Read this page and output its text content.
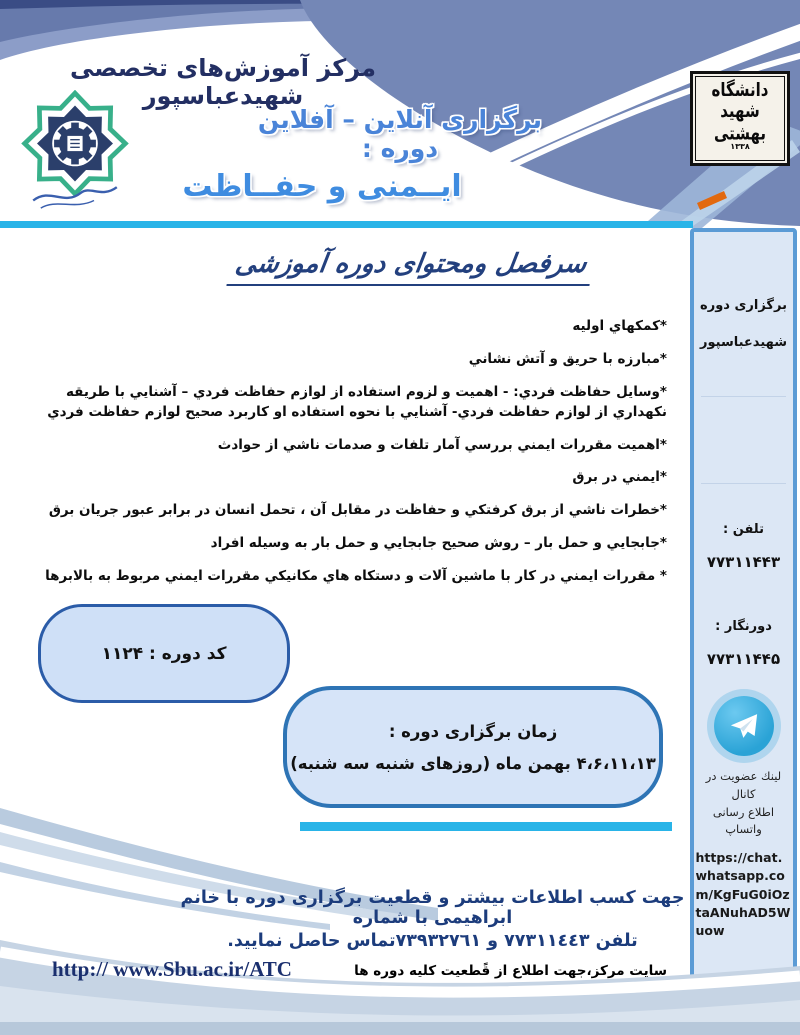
مرکز آموزش‌های تخصصی شهیدعباسپور
برگزاری آنلاین – آفلاین دوره :
ایــمنی و حفــاظت
دانشگاه شهید بهشتی
۱۳۳۸
برگزاری دوره
شهیدعباسپور
تلفن :
۷۷۳۱۱۴۴۳
دورنگار :
۷۷۳۱۱۴۴۵
لینك عضویت در كانال
اطلاع رسانی واتساپ
https://chat.whatsapp.com/KgFuG0iOztaANuhAD5Wuow
سرفصل ومحتوای دوره آموزشی
*كمكهاي اوليه
*مبارزه با حريق و آتش نشاني
*وسايل حفاظت فردي: - اهميت و لزوم استفاده از لوازم حفاظت فردي – آشنايي با طريقه نكهداري از لوازم حفاظت فردي- آشنايي با نحوه استفاده او كاربرد صحيح لوازم حفاظت فردي
*اهميت مقررات ايمني بررسي آمار تلفات و صدمات ناشي از حوادث
*ايمني در برق
*خطرات ناشي از برق كرفتكي و حفاظت در مقابل آن ، تحمل انسان در برابر عبور جريان برق
*جابجايي و حمل بار – روش صحيح جابجايي و حمل بار به وسيله افراد
* مقررات ايمني در كار با ماشين آلات و دستكاه هاي مكانيكي مقررات ايمني مربوط به بالابرها
كد دوره : ۱۱۲۴
زمان برگزاری دوره :
۴،۶،۱۱،۱۳ بهمن ماه (روزهای شنبه سه شنبه)
جهت كسب اطلاعات بیشتر و قطعیت برگزاری دوره با خانم ابراهیمی با شماره
تلفن ۷۷۳۱۱٤٤۳ و ۷۳۹۳۲۷٦۱تماس حاصل نمایید.
http:// www.Sbu.ac.ir/ATC	سایت مركز،جهت اطلاع از قًطعیت كلیه دوره ها
